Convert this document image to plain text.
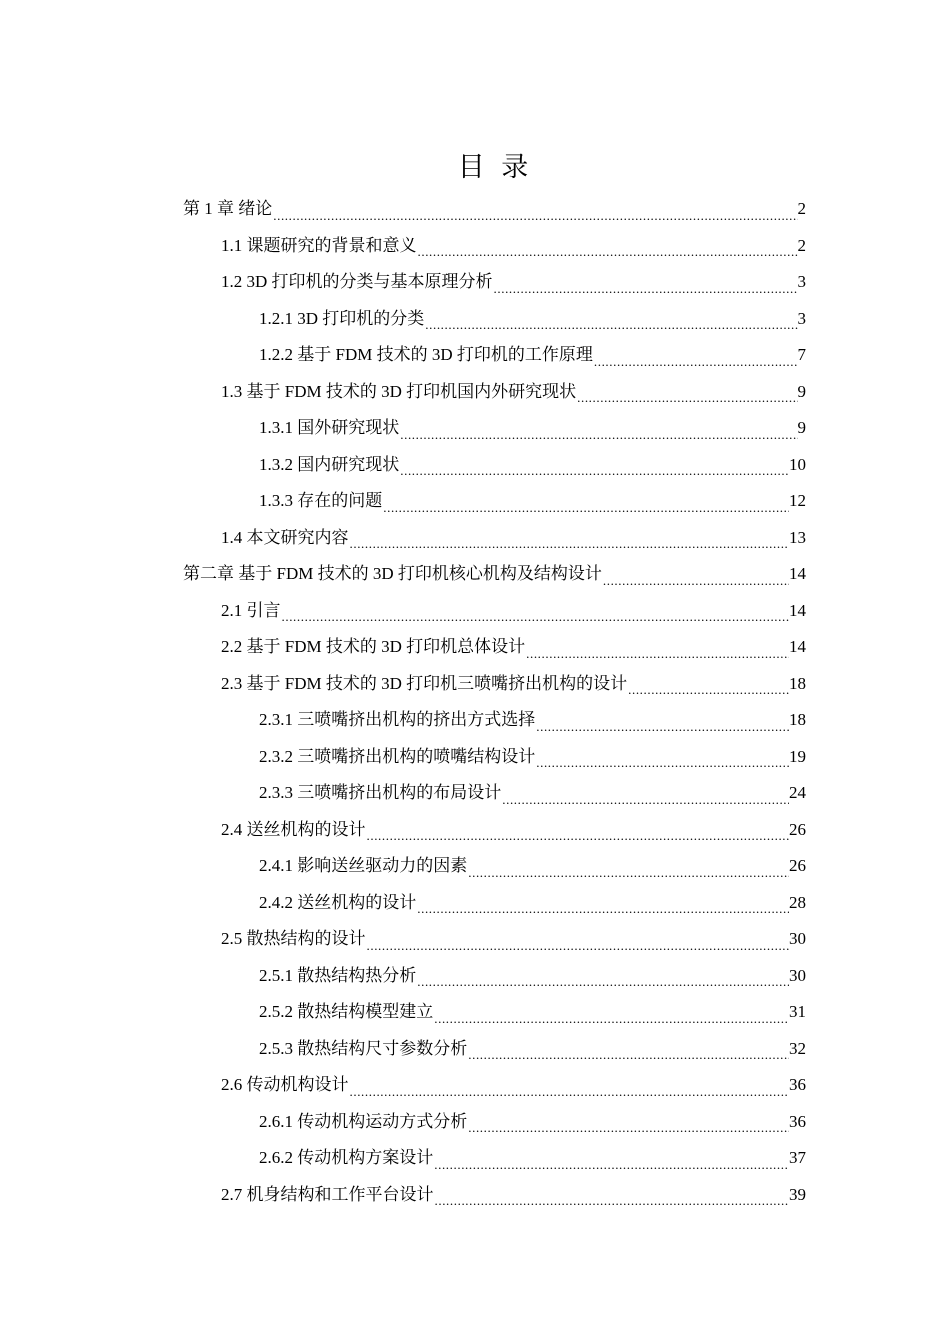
目 录
第 1 章 绪论 .....	2
1.1 课题研究的背景和意义 .....	2
1.2 3D 打印机的分类与基本原理分析 .....	3
1.2.1 3D 打印机的分类 .....	3
1.2.2 基于 FDM 技术的 3D 打印机的工作原理 .....	7
1.3 基于 FDM 技术的 3D 打印机国内外研究现状 .....	9
1.3.1 国外研究现状 .....	9
1.3.2 国内研究现状 .....	10
1.3.3 存在的问题 .....	12
1.4 本文研究内容 .....	13
第二章 基于 FDM 技术的 3D 打印机核心机构及结构设计 .....	14
2.1 引言 .....	14
2.2 基于 FDM 技术的 3D 打印机总体设计 .....	14
2.3 基于 FDM 技术的 3D 打印机三喷嘴挤出机构的设计 .....	18
2.3.1 三喷嘴挤出机构的挤出方式选择 .....	18
2.3.2 三喷嘴挤出机构的喷嘴结构设计 .....	19
2.3.3 三喷嘴挤出机构的布局设计 .....	24
2.4 送丝机构的设计 .....	26
2.4.1 影响送丝驱动力的因素 .....	26
2.4.2 送丝机构的设计 .....	28
2.5 散热结构的设计 .....	30
2.5.1 散热结构热分析 .....	30
2.5.2 散热结构模型建立 .....	31
2.5.3 散热结构尺寸参数分析 .....	32
2.6 传动机构设计 .....	36
2.6.1 传动机构运动方式分析 .....	36
2.6.2 传动机构方案设计 .....	37
2.7 机身结构和工作平台设计 .....	39
